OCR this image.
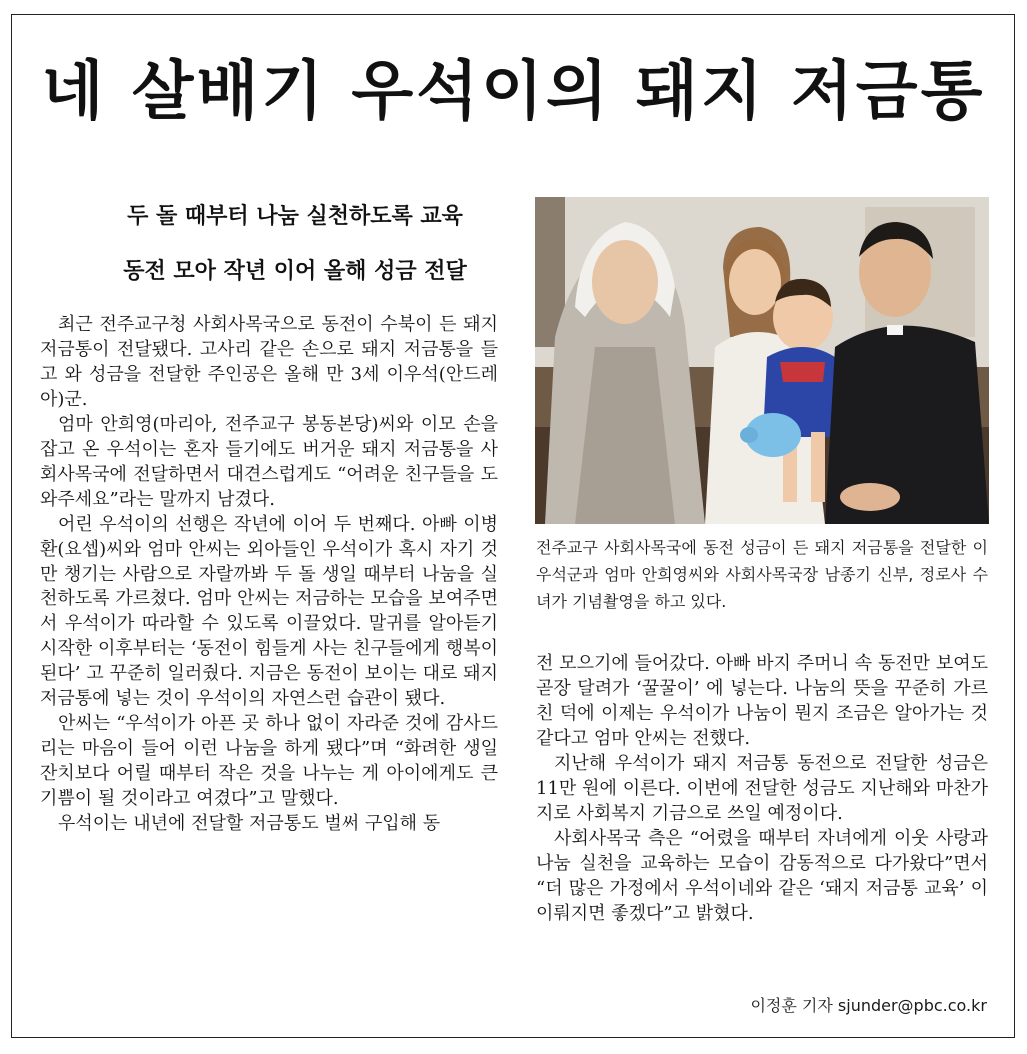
네 살배기 우석이의 돼지 저금통
두 돌 때부터 나눔 실천하도록 교육
동전 모아 작년 이어 올해 성금 전달

최근 전주교구청 사회사목국으로 동전이 수북이 든 돼지 저금통이 전달됐다. 고사리 같은 손으로 돼지 저금통을 들고 와 성금을 전달한 주인공은 올해 만 3세 이우석(안드레아)군.

엄마 안희영(마리아, 전주교구 봉동본당)씨와 이모 손을 잡고 온 우석이는 혼자 들기에도 버거운 돼지 저금통을 사회사목국에 전달하면서 대견스럽게도 “어려운 친구들을 도와주세요”라는 말까지 남겼다.

어린 우석이의 선행은 작년에 이어 두 번째다. 아빠 이병환(요셉)씨와 엄마 안씨는 외아들인 우석이가 혹시 자기 것만 챙기는 사람으로 자랄까봐 두 돌 생일 때부터 나눔을 실천하도록 가르쳤다. 엄마 안씨는 저금하는 모습을 보여주면서 우석이가 따라할 수 있도록 이끌었다. 말귀를 알아듣기 시작한 이후부터는 ‘동전이 힘들게 사는 친구들에게 행복이 된다’ 고 꾸준히 일러줬다. 지금은 동전이 보이는 대로 돼지 저금통에 넣는 것이 우석이의 자연스런 습관이 됐다.

안씨는 “우석이가 아픈 곳 하나 없이 자라준 것에 감사드리는 마음이 들어 이런 나눔을 하게 됐다”며 “화려한 생일잔치보다 어릴 때부터 작은 것을 나누는 게 아이에게도 큰 기쁨이 될 것이라고 여겼다”고 말했다.

우석이는 내년에 전달할 저금통도 벌써 구입해 동

전주교구 사회사목국에 동전 성금이 든 돼지 저금통을 전달한 이우석군과 엄마 안희영씨와 사회사목국장 남종기 신부, 정로사 수녀가 기념촬영을 하고 있다.

전 모으기에 들어갔다. 아빠 바지 주머니 속 동전만 보여도 곧장 달려가 ‘꿀꿀이’ 에 넣는다. 나눔의 뜻을 꾸준히 가르친 덕에 이제는 우석이가 나눔이 뭔지 조금은 알아가는 것 같다고 엄마 안씨는 전했다.

지난해 우석이가 돼지 저금통 동전으로 전달한 성금은 11만 원에 이른다. 이번에 전달한 성금도 지난해와 마찬가지로 사회복지 기금으로 쓰일 예정이다.

사회사목국 측은 “어렸을 때부터 자녀에게 이웃 사랑과 나눔 실천을 교육하는 모습이 감동적으로 다가왔다”면서 “더 많은 가정에서 우석이네와 같은 ‘돼지 저금통 교육’ 이 이뤄지면 좋겠다”고 밝혔다.

이정훈 기자 sjunder@pbc.co.kr
